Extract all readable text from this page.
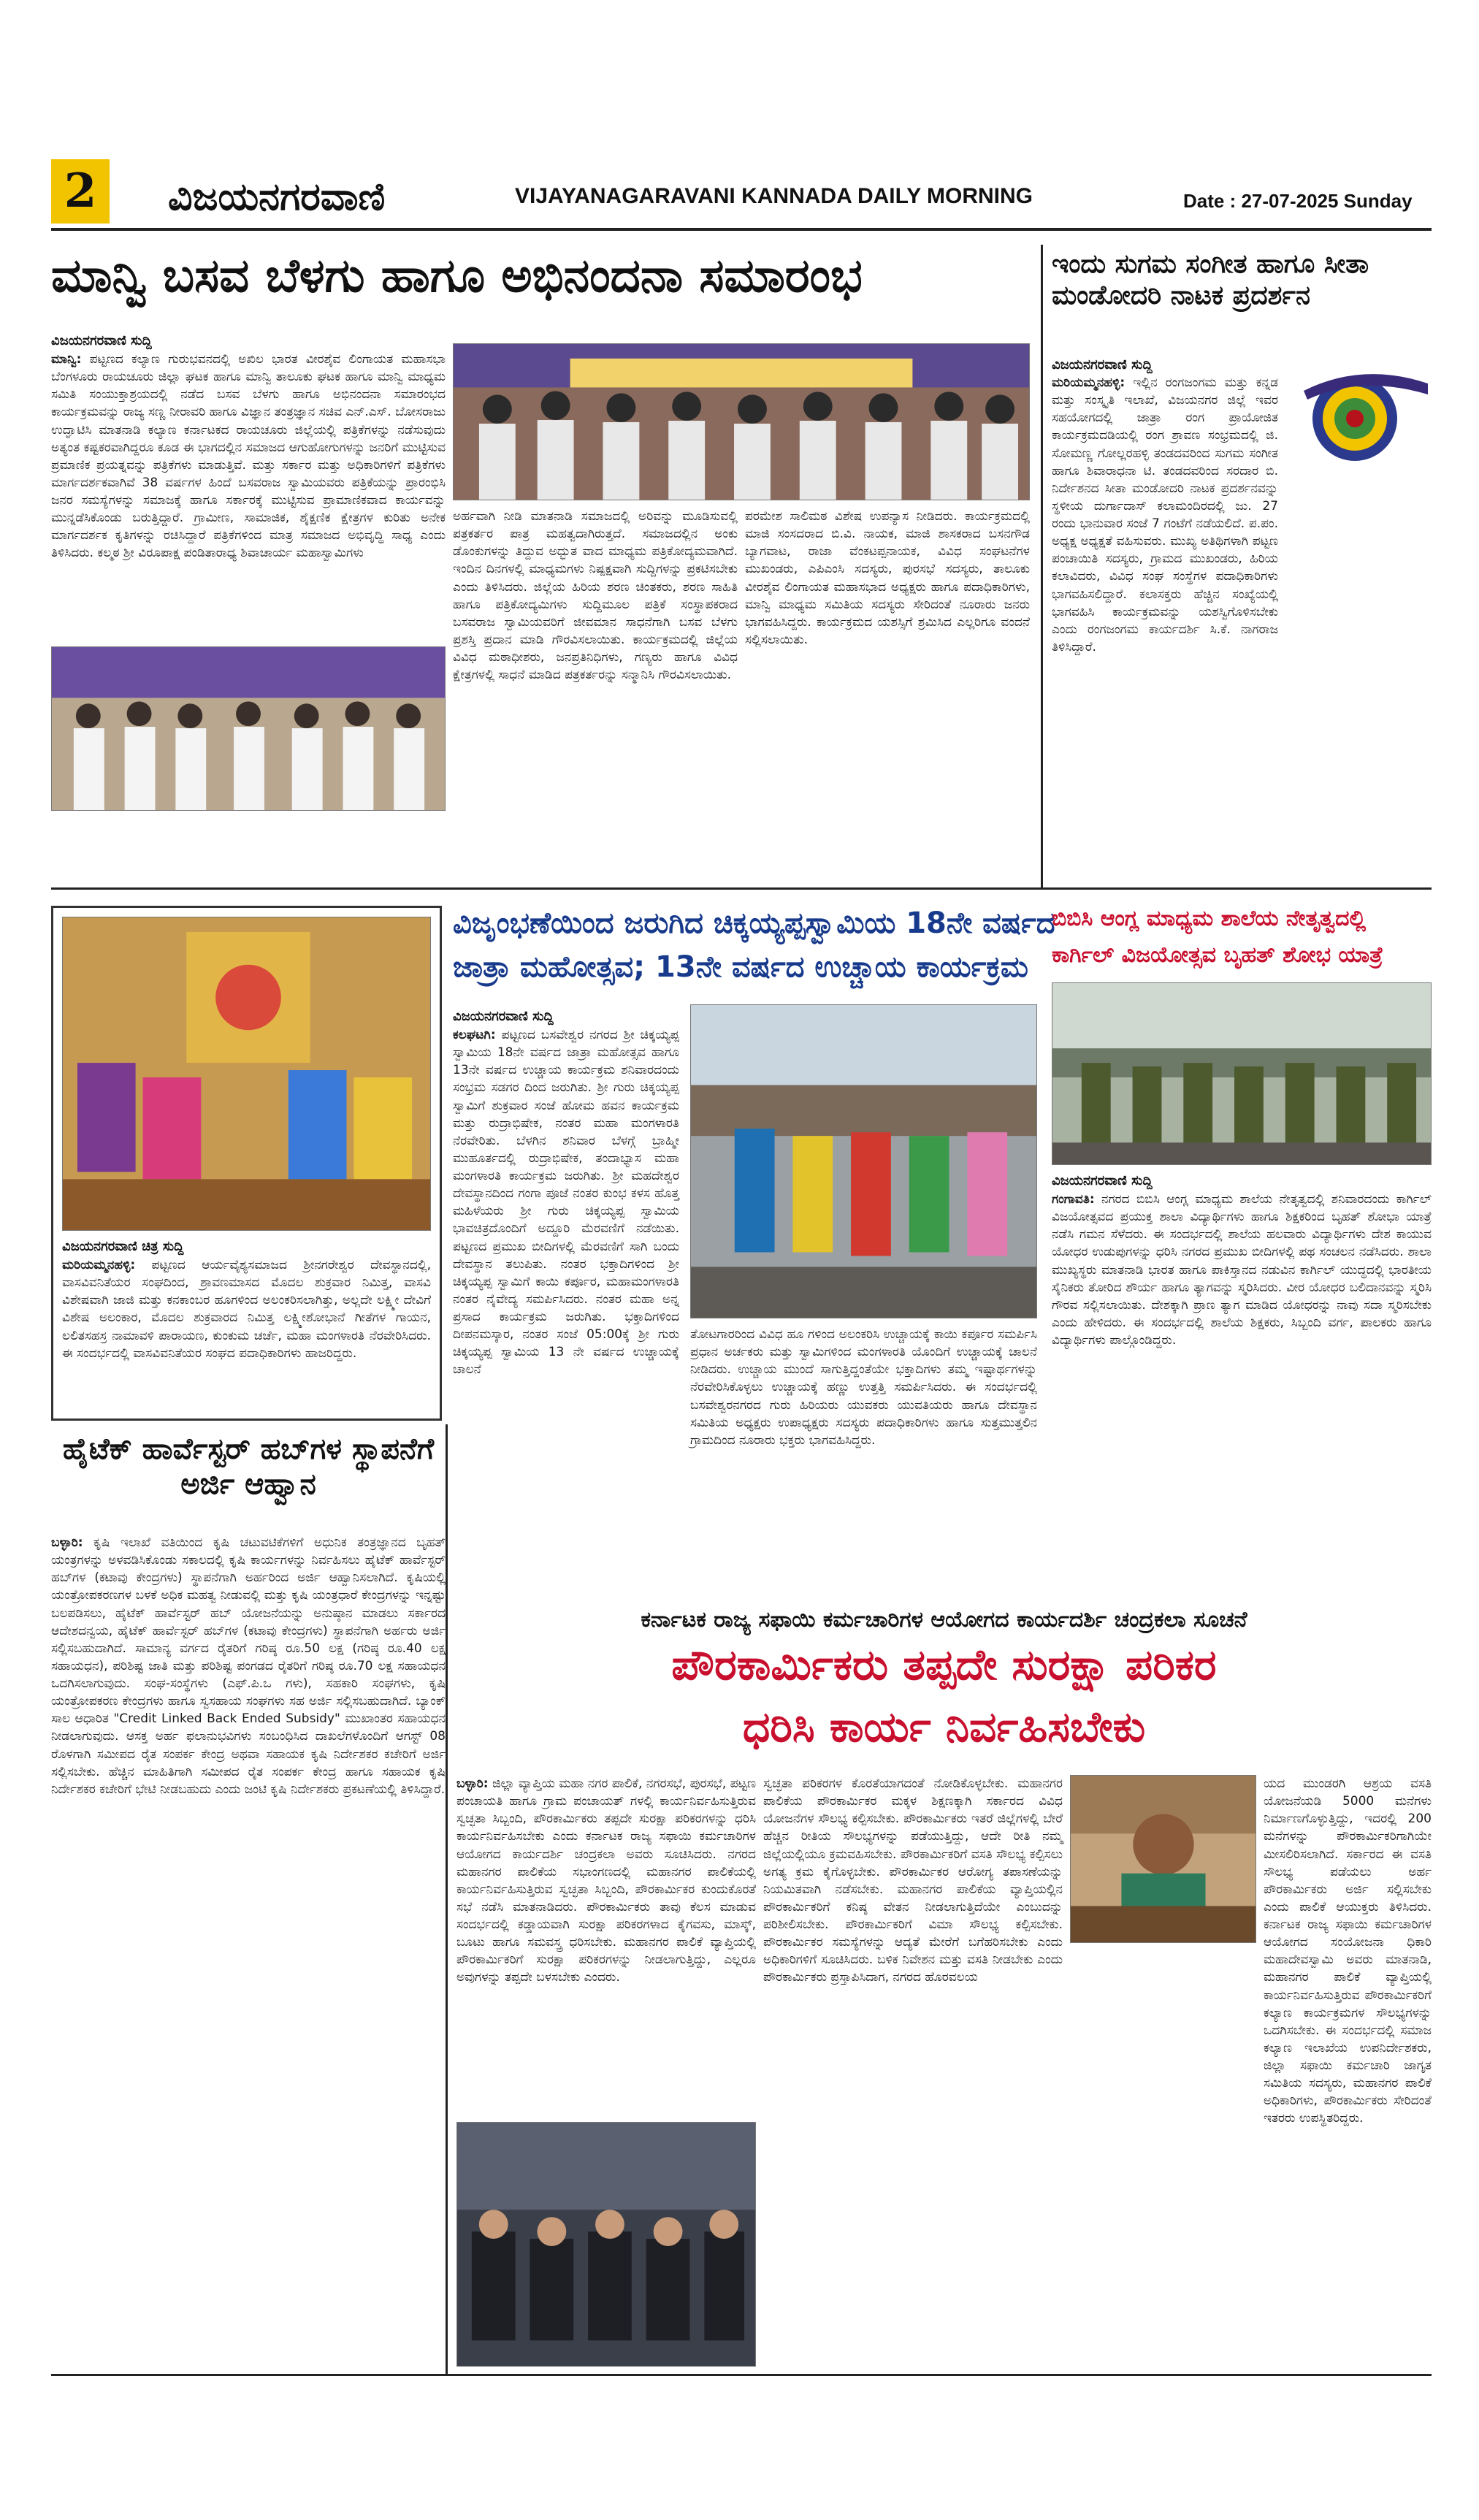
2	ವಿಜಯನಗರವಾಣಿ	VIJAYANAGARAVANI KANNADA DAILY MORNING	Date : 27-07-2025 Sunday
ಮಾನ್ವಿ ಬಸವ ಬೆಳಗು ಹಾಗೂ ಅಭಿನಂದನಾ ಸಮಾರಂಭ
ವಿಜಯನಗರವಾಣಿ ಸುದ್ದಿ
ಮಾನ್ವಿ: ಪಟ್ಟಣದ ಕಲ್ಯಾಣ ಗುರುಭವನದಲ್ಲಿ ಅಖಿಲ ಭಾರತ ವೀರಶೈವ ಲಿಂಗಾಯತ ಮಹಾಸಭಾ ಬೆಂಗಳೂರು ರಾಯಚೂರು ಜಿಲ್ಲಾ ಘಟಕ ಹಾಗೂ ಮಾನ್ವಿ ತಾಲೂಕು ಘಟಕ ಹಾಗೂ ಮಾನ್ವಿ ಮಾಧ್ಯಮ ಸಮಿತಿ ಸಂಯುಕ್ತಾಶ್ರಯದಲ್ಲಿ ನಡೆದ ಬಸವ ಬೆಳಗು ಹಾಗೂ ಅಭಿನಂದನಾ ಸಮಾರಂಭದ ಕಾರ್ಯಕ್ರಮವನ್ನು ರಾಜ್ಯ ಸಣ್ಣ ನೀರಾವರಿ ಹಾಗೂ ವಿಜ್ಞಾನ ತಂತ್ರಜ್ಞಾನ ಸಚಿವ ಎನ್.ಎಸ್. ಬೋಸರಾಜು ಉದ್ಘಾಟಿಸಿ ಮಾತನಾಡಿ ಕಲ್ಯಾಣ ಕರ್ನಾಟಕದ ರಾಯಚೂರು ಜಿಲ್ಲೆಯಲ್ಲಿ ಪತ್ರಿಕೆಗಳನ್ನು ನಡೆಸುವುದು ಅತ್ಯಂತ ಕಷ್ಟಕರವಾಗಿದ್ದರೂ ಕೂಡ ಈ ಭಾಗದಲ್ಲಿನ ಸಮಾಜದ ಆಗುಹೋಗುಗಳನ್ನು ಜನರಿಗೆ ಮುಟ್ಟಿಸುವ ಪ್ರಮಾಣಿಕ ಪ್ರಯತ್ನವನ್ನು ಪತ್ರಿಕೆಗಳು ಮಾಡುತ್ತಿವೆ. ಮತ್ತು ಸರ್ಕಾರ ಮತ್ತು ಅಧಿಕಾರಿಗಳಿಗೆ ಪತ್ರಿಕೆಗಳು ಮಾರ್ಗದರ್ಶಕವಾಗಿವೆ 38 ವರ್ಷಗಳ ಹಿಂದೆ ಬಸವರಾಜ ಸ್ವಾಮಿಯವರು ಪತ್ರಿಕೆಯನ್ನು ಪ್ರಾರಂಭಿಸಿ ಜನರ ಸಮಸ್ಯೆಗಳನ್ನು ಸಮಾಜಕ್ಕೆ ಹಾಗೂ ಸರ್ಕಾರಕ್ಕೆ ಮುಟ್ಟಿಸುವ ಪ್ರಾಮಾಣಿಕವಾದ ಕಾರ್ಯವನ್ನು ಮುನ್ನಡೆಸಿಕೊಂಡು ಬರುತ್ತಿದ್ದಾರೆ. ಗ್ರಾಮೀಣ, ಸಾಮಾಜಿಕ, ಶೈಕ್ಷಣಿಕ ಕ್ಷೇತ್ರಗಳ ಕುರಿತು ಅನೇಕ ಮಾರ್ಗದರ್ಶಕ ಕೃತಿಗಳನ್ನು ರಚಿಸಿದ್ದಾರೆ ಪತ್ರಿಕೆಗಳಿಂದ ಮಾತ್ರ ಸಮಾಜದ ಅಭಿವೃದ್ಧಿ ಸಾಧ್ಯ ಎಂದು ತಿಳಿಸಿದರು. ಕಲ್ಮಠ ಶ್ರೀ ವಿರೂಪಾಕ್ಷ ಪಂಡಿತಾರಾಧ್ಯ ಶಿವಾಚಾರ್ಯ ಮಹಾಸ್ವಾಮಿಗಳು
ಅರ್ಹವಾಗಿ ನೀಡಿ ಮಾತನಾಡಿ ಸಮಾಜದಲ್ಲಿ ಅರಿವನ್ನು ಮೂಡಿಸುವಲ್ಲಿ ಪತ್ರಕರ್ತರ ಪಾತ್ರ ಮಹತ್ವದಾಗಿರುತ್ತದೆ. ಸಮಾಜದಲ್ಲಿನ ಅಂಕು ಡೊಂಕುಗಳನ್ನು ತಿದ್ದುವ ಅದ್ಭುತ ವಾದ ಮಾಧ್ಯಮ ಪತ್ರಿಕೋದ್ಯಮವಾಗಿದೆ. ಇಂದಿನ ದಿನಗಳಲ್ಲಿ ಮಾಧ್ಯಮಗಳು ನಿಷ್ಪಕ್ಷವಾಗಿ ಸುದ್ದಿಗಳನ್ನು ಪ್ರಕಟಿಸಬೇಕು ಎಂದು ತಿಳಿಸಿದರು. ಜಿಲ್ಲೆಯ ಹಿರಿಯ ಶರಣ ಚಿಂತಕರು, ಶರಣ ಸಾಹಿತಿ ಹಾಗೂ ಪತ್ರಿಕೋದ್ಯಮಿಗಳು ಸುದ್ದಿಮೂಲ ಪತ್ರಿಕೆ ಸಂಸ್ಥಾಪಕರಾದ ಬಸವರಾಜ ಸ್ವಾಮಿಯವರಿಗೆ ಜೀವಮಾನ ಸಾಧನೆಗಾಗಿ ಬಸವ ಬೆಳಗು ಪ್ರಶಸ್ತಿ ಪ್ರದಾನ ಮಾಡಿ ಗೌರವಿಸಲಾಯಿತು. ಕಾರ್ಯಕ್ರಮದಲ್ಲಿ ಜಿಲ್ಲೆಯ ವಿವಿಧ ಮಠಾಧೀಶರು, ಜನಪ್ರತಿನಿಧಿಗಳು, ಗಣ್ಯರು ಹಾಗೂ ವಿವಿಧ ಕ್ಷೇತ್ರಗಳಲ್ಲಿ ಸಾಧನೆ ಮಾಡಿದ ಪತ್ರಕರ್ತರನ್ನು ಸನ್ಮಾನಿಸಿ ಗೌರವಿಸಲಾಯಿತು.
ಪರಮೇಶ ಸಾಲಿಮಠ ವಿಶೇಷ ಉಪನ್ಯಾಸ ನೀಡಿದರು. ಕಾರ್ಯಕ್ರಮದಲ್ಲಿ ಮಾಜಿ ಸಂಸದರಾದ ಬಿ.ವಿ. ನಾಯಕ, ಮಾಜಿ ಶಾಸಕರಾದ ಬಸನಗೌಡ ಬ್ಯಾಗವಾಟ, ರಾಜಾ ವೆಂಕಟಪ್ಪನಾಯಕ, ವಿವಿಧ ಸಂಘಟನೆಗಳ ಮುಖಂಡರು, ಎಪಿಎಂಸಿ ಸದಸ್ಯರು, ಪುರಸಭೆ ಸದಸ್ಯರು, ತಾಲೂಕು ವೀರಶೈವ ಲಿಂಗಾಯತ ಮಹಾಸಭಾದ ಅಧ್ಯಕ್ಷರು ಹಾಗೂ ಪದಾಧಿಕಾರಿಗಳು, ಮಾನ್ವಿ ಮಾಧ್ಯಮ ಸಮಿತಿಯ ಸದಸ್ಯರು ಸೇರಿದಂತೆ ನೂರಾರು ಜನರು ಭಾಗವಹಿಸಿದ್ದರು. ಕಾರ್ಯಕ್ರಮದ ಯಶಸ್ಸಿಗೆ ಶ್ರಮಿಸಿದ ಎಲ್ಲರಿಗೂ ವಂದನೆ ಸಲ್ಲಿಸಲಾಯಿತು.
ಇಂದು ಸುಗಮ ಸಂಗೀತ ಹಾಗೂ ಸೀತಾ ಮಂಡೋದರಿ ನಾಟಕ ಪ್ರದರ್ಶನ
ವಿಜಯನಗರವಾಣಿ ಸುದ್ದಿ
ಮರಿಯಮ್ಮನಹಳ್ಳಿ: ಇಲ್ಲಿನ ರಂಗಜಂಗಮ ಮತ್ತು ಕನ್ನಡ ಮತ್ತು ಸಂಸ್ಕೃತಿ ಇಲಾಖೆ, ವಿಜಯನಗರ ಜಿಲ್ಲೆ ಇವರ ಸಹಯೋಗದಲ್ಲಿ ಜಾತ್ರಾ ರಂಗ ಪ್ರಾಯೋಜಿತ ಕಾರ್ಯಕ್ರಮದಡಿಯಲ್ಲಿ ರಂಗ ಶ್ರಾವಣ ಸಂಭ್ರಮದಲ್ಲಿ ಜಿ. ಸೋಮಣ್ಣ ಗೋಲ್ಲರಹಳ್ಳಿ ತಂಡದವರಿಂದ ಸುಗಮ ಸಂಗೀತ ಹಾಗೂ ಶಿವಾರಾಧನಾ ಟಿ. ತಂಡದವರಿಂದ ಸರದಾರ ಬಿ. ನಿರ್ದೇಶನದ ಸೀತಾ ಮಂಡೋದರಿ ನಾಟಕ ಪ್ರದರ್ಶನವನ್ನು ಸ್ಥಳೀಯ ದುರ್ಗಾದಾಸ್ ಕಲಾಮಂದಿರದಲ್ಲಿ ಜು. 27 ರಂದು ಭಾನುವಾರ ಸಂಜೆ 7 ಗಂಟೆಗೆ ನಡೆಯಲಿದೆ. ಪ.ಪಂ. ಅಧ್ಯಕ್ಷ ಅಧ್ಯಕ್ಷತೆ ವಹಿಸುವರು. ಮುಖ್ಯ ಅತಿಥಿಗಳಾಗಿ ಪಟ್ಟಣ ಪಂಚಾಯಿತಿ ಸದಸ್ಯರು, ಗ್ರಾಮದ ಮುಖಂಡರು, ಹಿರಿಯ ಕಲಾವಿದರು, ವಿವಿಧ ಸಂಘ ಸಂಸ್ಥೆಗಳ ಪದಾಧಿಕಾರಿಗಳು ಭಾಗವಹಿಸಲಿದ್ದಾರೆ. ಕಲಾಸಕ್ತರು ಹೆಚ್ಚಿನ ಸಂಖ್ಯೆಯಲ್ಲಿ ಭಾಗವಹಿಸಿ ಕಾರ್ಯಕ್ರಮವನ್ನು ಯಶಸ್ವಿಗೊಳಿಸಬೇಕು ಎಂದು ರಂಗಜಂಗಮ ಕಾರ್ಯದರ್ಶಿ ಸಿ.ಕೆ. ನಾಗರಾಜ ತಿಳಿಸಿದ್ದಾರೆ.
ವಿಜಯನಗರವಾಣಿ ಚಿತ್ರ ಸುದ್ದಿ
ಮರಿಯಮ್ಮನಹಳ್ಳಿ: ಪಟ್ಟಣದ ಆರ್ಯವೈಶ್ಯಸಮಾಜದ ಶ್ರೀನಗರೇಶ್ವರ ದೇವಸ್ಥಾನದಲ್ಲಿ, ವಾಸವಿವನಿತೆಯರ ಸಂಘದಿಂದ, ಶ್ರಾವಣಮಾಸದ ಮೊದಲ ಶುಕ್ರವಾರ ನಿಮಿತ್ತ, ವಾಸವಿ ವಿಶೇಷವಾಗಿ ಜಾಜಿ ಮತ್ತು ಕನಕಾಂಬರ ಹೂಗಳಿಂದ ಅಲಂಕರಿಸಲಾಗಿತ್ತು, ಅಲ್ಲದೇ ಲಕ್ಷ್ಮೀ ದೇವಿಗೆ ವಿಶೇಷ ಅಲಂಕಾರ, ಮೊದಲ ಶುಕ್ರವಾರದ ನಿಮಿತ್ತ ಲಕ್ಷ್ಮೀಶೋಭಾನೆ ಗೀತೆಗಳ ಗಾಯನ, ಲಲಿತಸಹಸ್ರ ನಾಮಾವಳಿ ಪಾರಾಯಣ, ಕುಂಕುಮ ಚರ್ಚೆ, ಮಹಾ ಮಂಗಳಾರತಿ ನೆರವೇರಿಸಿದರು. ಈ ಸಂದರ್ಭದಲ್ಲಿ ವಾಸವಿವನಿತೆಯರ ಸಂಘದ ಪದಾಧಿಕಾರಿಗಳು ಹಾಜರಿದ್ದರು.
ವಿಜೃಂಭಣೆಯಿಂದ ಜರುಗಿದ ಚಿಕ್ಕಯ್ಯಪ್ಪಸ್ವಾಮಿಯ 18ನೇ ವರ್ಷದ
ಜಾತ್ರಾ ಮಹೋತ್ಸವ; 13ನೇ ವರ್ಷದ ಉಚ್ಚಾಯ ಕಾರ್ಯಕ್ರಮ
ವಿಜಯನಗರವಾಣಿ ಸುದ್ದಿ
ಕಲಘಟಗಿ: ಪಟ್ಟಣದ ಬಸವೇಶ್ವರ ನಗರದ ಶ್ರೀ ಚಿಕ್ಕಯ್ಯಪ್ಪ ಸ್ವಾಮಿಯ 18ನೇ ವರ್ಷದ ಜಾತ್ರಾ ಮಹೋತ್ಸವ ಹಾಗೂ 13ನೇ ವರ್ಷದ ಉಚ್ಚಾಯ ಕಾರ್ಯಕ್ರಮ ಶನಿವಾರದಂದು ಸಂಭ್ರಮ ಸಡಗರ ದಿಂದ ಜರುಗಿತು. ಶ್ರೀ ಗುರು ಚಿಕ್ಕಯ್ಯಪ್ಪ ಸ್ವಾಮಿಗೆ ಶುಕ್ರವಾರ ಸಂಜೆ ಹೋಮ ಹವನ ಕಾರ್ಯಕ್ರಮ ಮತ್ತು ರುದ್ರಾಭಿಷೇಕ, ನಂತರ ಮಹಾ ಮಂಗಳಾರತಿ ನೆರವೇರಿತು. ಬೆಳಗಿನ ಶನಿವಾರ ಬೆಳಗ್ಗೆ ಬ್ರಾಹ್ಮೀ ಮುಹೂರ್ತದಲ್ಲಿ ರುದ್ರಾಭಿಷೇಕ, ತಂದಾಭ್ಯಾಸ ಮಹಾ ಮಂಗಳಾರತಿ ಕಾರ್ಯಕ್ರಮ ಜರುಗಿತು. ಶ್ರೀ ಮಹದೇಶ್ವರ ದೇವಸ್ಥಾನದಿಂದ ಗಂಗಾ ಪೂಜೆ ನಂತರ ಕುಂಭ ಕಳಸ ಹೊತ್ತ ಮಹಿಳೆಯರು ಶ್ರೀ ಗುರು ಚಿಕ್ಕಯ್ಯಪ್ಪ ಸ್ವಾಮಿಯ ಭಾವಚಿತ್ರದೊಂದಿಗೆ ಅದ್ದೂರಿ ಮೆರವಣಿಗೆ ನಡೆಯಿತು. ಪಟ್ಟಣದ ಪ್ರಮುಖ ಬೀದಿಗಳಲ್ಲಿ ಮೆರವಣಿಗೆ ಸಾಗಿ ಬಂದು ದೇವಸ್ಥಾನ ತಲುಪಿತು. ನಂತರ ಭಕ್ತಾದಿಗಳಿಂದ ಶ್ರೀ ಚಿಕ್ಕಯ್ಯಪ್ಪ ಸ್ವಾಮಿಗೆ ಕಾಯಿ ಕರ್ಪೂರ, ಮಹಾಮಂಗಳಾರತಿ ನಂತರ ನೈವೇದ್ಯ ಸಮರ್ಪಿಸಿದರು. ನಂತರ ಮಹಾ ಅನ್ನ ಪ್ರಸಾದ ಕಾರ್ಯಕ್ರಮ ಜರುಗಿತು. ಭಕ್ತಾದಿಗಳಿಂದ ದೀಪನಮಸ್ಕಾರ, ನಂತರ ಸಂಜೆ 05:00ಕ್ಕೆ ಶ್ರೀ ಗುರು ಚಿಕ್ಕಯ್ಯಪ್ಪ ಸ್ವಾಮಿಯ 13 ನೇ ವರ್ಷದ ಉಚ್ಚಾಯಕ್ಕೆ ಚಾಲನೆ
ತೋಟಗಾರರಿಂದ ವಿವಿಧ ಹೂ ಗಳಿಂದ ಅಲಂಕರಿಸಿ ಉಚ್ಚಾಯಕ್ಕೆ ಕಾಯಿ ಕರ್ಪೂರ ಸಮರ್ಪಿಸಿ ಪ್ರಧಾನ ಅರ್ಚಕರು ಮತ್ತು ಸ್ವಾಮಿಗಳಿಂದ ಮಂಗಳಾರತಿ ಯೊಂದಿಗೆ ಉಚ್ಚಾಯಕ್ಕೆ ಚಾಲನೆ ನೀಡಿದರು. ಉಚ್ಚಾಯ ಮುಂದೆ ಸಾಗುತ್ತಿದ್ದಂತೆಯೇ ಭಕ್ತಾದಿಗಳು ತಮ್ಮ ಇಷ್ಟಾರ್ಥಗಳನ್ನು ನೆರವೇರಿಸಿಕೊಳ್ಳಲು ಉಚ್ಚಾಯಕ್ಕೆ ಹಣ್ಣು ಉತ್ತತ್ತಿ ಸಮರ್ಪಿಸಿದರು. ಈ ಸಂದರ್ಭದಲ್ಲಿ ಬಸವೇಶ್ವರನಗರದ ಗುರು ಹಿರಿಯರು ಯುವಕರು ಯುವತಿಯರು ಹಾಗೂ ದೇವಸ್ಥಾನ ಸಮಿತಿಯ ಅಧ್ಯಕ್ಷರು ಉಪಾಧ್ಯಕ್ಷರು ಸದಸ್ಯರು ಪದಾಧಿಕಾರಿಗಳು ಹಾಗೂ ಸುತ್ತಮುತ್ತಲಿನ ಗ್ರಾಮದಿಂದ ನೂರಾರು ಭಕ್ತರು ಭಾಗವಹಿಸಿದ್ದರು.
ಬಿಬಿಸಿ ಆಂಗ್ಲ ಮಾಧ್ಯಮ ಶಾಲೆಯ ನೇತೃತ್ವದಲ್ಲಿ
ಕಾರ್ಗಿಲ್ ವಿಜಯೋತ್ಸವ ಬೃಹತ್ ಶೋಭ ಯಾತ್ರೆ
ವಿಜಯನಗರವಾಣಿ ಸುದ್ದಿ
ಗಂಗಾವತಿ: ನಗರದ ಬಿಬಿಸಿ ಆಂಗ್ಲ ಮಾಧ್ಯಮ ಶಾಲೆಯ ನೇತೃತ್ವದಲ್ಲಿ ಶನಿವಾರದಂದು ಕಾರ್ಗಿಲ್ ವಿಜಯೋತ್ಸವದ ಪ್ರಯುಕ್ತ ಶಾಲಾ ವಿದ್ಯಾರ್ಥಿಗಳು ಹಾಗೂ ಶಿಕ್ಷಕರಿಂದ ಬೃಹತ್ ಶೋಭಾ ಯಾತ್ರೆ ನಡೆಸಿ ಗಮನ ಸೆಳೆದರು. ಈ ಸಂದರ್ಭದಲ್ಲಿ ಶಾಲೆಯ ಹಲವಾರು ವಿದ್ಯಾರ್ಥಿಗಳು ದೇಶ ಕಾಯುವ ಯೋಧರ ಉಡುಪುಗಳನ್ನು ಧರಿಸಿ ನಗರದ ಪ್ರಮುಖ ಬೀದಿಗಳಲ್ಲಿ ಪಥ ಸಂಚಲನ ನಡೆಸಿದರು. ಶಾಲಾ ಮುಖ್ಯಸ್ಥರು ಮಾತನಾಡಿ ಭಾರತ ಹಾಗೂ ಪಾಕಿಸ್ತಾನದ ನಡುವಿನ ಕಾರ್ಗಿಲ್ ಯುದ್ಧದಲ್ಲಿ ಭಾರತೀಯ ಸೈನಿಕರು ತೋರಿದ ಶೌರ್ಯ ಹಾಗೂ ತ್ಯಾಗವನ್ನು ಸ್ಮರಿಸಿದರು. ವೀರ ಯೋಧರ ಬಲಿದಾನವನ್ನು ಸ್ಮರಿಸಿ ಗೌರವ ಸಲ್ಲಿಸಲಾಯಿತು. ದೇಶಕ್ಕಾಗಿ ಪ್ರಾಣ ತ್ಯಾಗ ಮಾಡಿದ ಯೋಧರನ್ನು ನಾವು ಸದಾ ಸ್ಮರಿಸಬೇಕು ಎಂದು ಹೇಳಿದರು. ಈ ಸಂದರ್ಭದಲ್ಲಿ ಶಾಲೆಯ ಶಿಕ್ಷಕರು, ಸಿಬ್ಬಂದಿ ವರ್ಗ, ಪಾಲಕರು ಹಾಗೂ ವಿದ್ಯಾರ್ಥಿಗಳು ಪಾಲ್ಗೊಂಡಿದ್ದರು.
ಹೈಟೆಕ್ ಹಾರ್ವೆಸ್ಟರ್ ಹಬ್‌ಗಳ ಸ್ಥಾಪನೆಗೆ ಅರ್ಜಿ ಆಹ್ವಾನ
ಬಳ್ಳಾರಿ: ಕೃಷಿ ಇಲಾಖೆ ವತಿಯಿಂದ ಕೃಷಿ ಚಟುವಟಿಕೆಗಳಿಗೆ ಅಧುನಿಕ ತಂತ್ರಜ್ಞಾನದ ಬೃಹತ್ ಯಂತ್ರಗಳನ್ನು ಅಳವಡಿಸಿಕೊಂಡು ಸಕಾಲದಲ್ಲಿ ಕೃಷಿ ಕಾರ್ಯಗಳನ್ನು ನಿರ್ವಹಿಸಲು ಹೈಟೆಕ್ ಹಾರ್ವೆಸ್ಟರ್ ಹಬ್‌ಗಳ (ಕಟಾವು ಕೇಂದ್ರಗಳು) ಸ್ಥಾಪನೆಗಾಗಿ ಅರ್ಹರಿಂದ ಅರ್ಜಿ ಆಹ್ವಾನಿಸಲಾಗಿದೆ. ಕೃಷಿಯಲ್ಲಿ ಯಂತ್ರೋಪಕರಣಗಳ ಬಳಕೆ ಅಧಿಕ ಮಹತ್ವ ನೀಡುವಲ್ಲಿ ಮತ್ತು ಕೃಷಿ ಯಂತ್ರಧಾರೆ ಕೇಂದ್ರಗಳನ್ನು ಇನ್ನಷ್ಟು ಬಲಪಡಿಸಲು, ಹೈಟೆಕ್ ಹಾರ್ವೆಸ್ಟರ್ ಹಬ್ ಯೋಜನೆಯನ್ನು ಅನುಷ್ಠಾನ ಮಾಡಲು ಸರ್ಕಾರದ ಆದೇಶದನ್ವಯ, ಹೈಟೆಕ್ ಹಾರ್ವೆಸ್ಟರ್ ಹಬ್‌ಗಳ (ಕಟಾವು ಕೇಂದ್ರಗಳು) ಸ್ಥಾಪನೆಗಾಗಿ ಅರ್ಹರು ಅರ್ಜಿ ಸಲ್ಲಿಸಬಹುದಾಗಿದೆ. ಸಾಮಾನ್ಯ ವರ್ಗದ ರೈತರಿಗೆ ಗರಿಷ್ಠ ರೂ.50 ಲಕ್ಷ (ಗರಿಷ್ಠ ರೂ.40 ಲಕ್ಷ ಸಹಾಯಧನ), ಪರಿಶಿಷ್ಟ ಜಾತಿ ಮತ್ತು ಪರಿಶಿಷ್ಟ ಪಂಗಡದ ರೈತರಿಗೆ ಗರಿಷ್ಠ ರೂ.70 ಲಕ್ಷ ಸಹಾಯಧನ ಒದಗಿಸಲಾಗುವುದು. ಸಂಘ-ಸಂಸ್ಥೆಗಳು (ಎಫ್.ಪಿ.ಒ ಗಳು), ಸಹಕಾರಿ ಸಂಘಗಳು, ಕೃಷಿ ಯಂತ್ರೋಪಕರಣ ಕೇಂದ್ರಗಳು ಹಾಗೂ ಸ್ವಸಹಾಯ ಸಂಘಗಳು ಸಹ ಅರ್ಜಿ ಸಲ್ಲಿಸಬಹುದಾಗಿದೆ. ಬ್ಯಾಂಕ್ ಸಾಲ ಆಧಾರಿತ "Credit Linked Back Ended Subsidy" ಮುಖಾಂತರ ಸಹಾಯಧನ ನೀಡಲಾಗುವುದು. ಆಸಕ್ತ ಅರ್ಹ ಫಲಾನುಭವಿಗಳು ಸಂಬಂಧಿಸಿದ ದಾಖಲೆಗಳೊಂದಿಗೆ ಆಗಸ್ಟ್ 08 ರೊಳಗಾಗಿ ಸಮೀಪದ ರೈತ ಸಂಪರ್ಕ ಕೇಂದ್ರ ಅಥವಾ ಸಹಾಯಕ ಕೃಷಿ ನಿರ್ದೇಶಕರ ಕಚೇರಿಗೆ ಅರ್ಜಿ ಸಲ್ಲಿಸಬೇಕು. ಹೆಚ್ಚಿನ ಮಾಹಿತಿಗಾಗಿ ಸಮೀಪದ ರೈತ ಸಂಪರ್ಕ ಕೇಂದ್ರ ಹಾಗೂ ಸಹಾಯಕ ಕೃಷಿ ನಿರ್ದೇಶಕರ ಕಚೇರಿಗೆ ಭೇಟಿ ನೀಡಬಹುದು ಎಂದು ಜಂಟಿ ಕೃಷಿ ನಿರ್ದೇಶಕರು ಪ್ರಕಟಣೆಯಲ್ಲಿ ತಿಳಿಸಿದ್ದಾರೆ.
ಕರ್ನಾಟಕ ರಾಜ್ಯ ಸಫಾಯಿ ಕರ್ಮಚಾರಿಗಳ ಆಯೋಗದ ಕಾರ್ಯದರ್ಶಿ ಚಂದ್ರಕಲಾ ಸೂಚನೆ
ಪೌರಕಾರ್ಮಿಕರು ತಪ್ಪದೇ ಸುರಕ್ಷಾ ಪರಿಕರ
ಧರಿಸಿ ಕಾರ್ಯ ನಿರ್ವಹಿಸಬೇಕು
ಬಳ್ಳಾರಿ: ಜಿಲ್ಲಾ ವ್ಯಾಪ್ತಿಯ ಮಹಾ ನಗರ ಪಾಲಿಕೆ, ನಗರಸಭೆ, ಪುರಸಭೆ, ಪಟ್ಟಣ ಪಂಚಾಯತಿ ಹಾಗೂ ಗ್ರಾಮ ಪಂಚಾಯತ್ ಗಳಲ್ಲಿ ಕಾರ್ಯನಿರ್ವಹಿಸುತ್ತಿರುವ ಸ್ವಚ್ಛತಾ ಸಿಬ್ಬಂದಿ, ಪೌರಕಾರ್ಮಿಕರು ತಪ್ಪದೇ ಸುರಕ್ಷಾ ಪರಿಕರಗಳನ್ನು ಧರಿಸಿ ಕಾರ್ಯನಿರ್ವಹಿಸಬೇಕು ಎಂದು ಕರ್ನಾಟಕ ರಾಜ್ಯ ಸಫಾಯಿ ಕರ್ಮಚಾರಿಗಳ ಆಯೋಗದ ಕಾರ್ಯದರ್ಶಿ ಚಂದ್ರಕಲಾ ಅವರು ಸೂಚಿಸಿದರು. ನಗರದ ಮಹಾನಗರ ಪಾಲಿಕೆಯ ಸಭಾಂಗಣದಲ್ಲಿ ಮಹಾನಗರ ಪಾಲಿಕೆಯಲ್ಲಿ ಕಾರ್ಯನಿರ್ವಹಿಸುತ್ತಿರುವ ಸ್ವಚ್ಛತಾ ಸಿಬ್ಬಂದಿ, ಪೌರಕಾರ್ಮಿಕರ ಕುಂದುಕೊರತೆ ಸಭೆ ನಡೆಸಿ ಮಾತನಾಡಿದರು. ಪೌರಕಾರ್ಮಿಕರು ತಾವು ಕೆಲಸ ಮಾಡುವ ಸಂದರ್ಭದಲ್ಲಿ ಕಡ್ಡಾಯವಾಗಿ ಸುರಕ್ಷಾ ಪರಿಕರಗಳಾದ ಕೈಗವಸು, ಮಾಸ್ಕ್, ಬೂಟು ಹಾಗೂ ಸಮವಸ್ತ್ರ ಧರಿಸಬೇಕು. ಮಹಾನಗರ ಪಾಲಿಕೆ ವ್ಯಾಪ್ತಿಯಲ್ಲಿ ಪೌರಕಾರ್ಮಿಕರಿಗೆ ಸುರಕ್ಷಾ ಪರಿಕರಗಳನ್ನು ನೀಡಲಾಗುತ್ತಿದ್ದು, ಎಲ್ಲರೂ ಅವುಗಳನ್ನು ತಪ್ಪದೇ ಬಳಸಬೇಕು ಎಂದರು.
ಸ್ವಚ್ಛತಾ ಪರಿಕರಗಳ ಕೊರತೆಯಾಗದಂತೆ ನೋಡಿಕೊಳ್ಳಬೇಕು. ಮಹಾನಗರ ಪಾಲಿಕೆಯ ಪೌರಕಾರ್ಮಿಕರ ಮಕ್ಕಳ ಶಿಕ್ಷಣಕ್ಕಾಗಿ ಸರ್ಕಾರದ ವಿವಿಧ ಯೋಜನೆಗಳ ಸೌಲಭ್ಯ ಕಲ್ಪಿಸಬೇಕು. ಪೌರಕಾರ್ಮಿಕರು ಇತರೆ ಜಿಲ್ಲೆಗಳಲ್ಲಿ ಬೇರೆ ಹೆಚ್ಚಿನ ರೀತಿಯ ಸೌಲಭ್ಯಗಳನ್ನು ಪಡೆಯುತ್ತಿದ್ದು, ಆದೇ ರೀತಿ ನಮ್ಮ ಜಿಲ್ಲೆಯಲ್ಲಿಯೂ ಕ್ರಮವಹಿಸಬೇಕು. ಪೌರಕಾರ್ಮಿಕರಿಗೆ ವಸತಿ ಸೌಲಭ್ಯ ಕಲ್ಪಿಸಲು ಅಗತ್ಯ ಕ್ರಮ ಕೈಗೊಳ್ಳಬೇಕು. ಪೌರಕಾರ್ಮಿಕರ ಆರೋಗ್ಯ ತಪಾಸಣೆಯನ್ನು ನಿಯಮಿತವಾಗಿ ನಡೆಸಬೇಕು. ಮಹಾನಗರ ಪಾಲಿಕೆಯ ವ್ಯಾಪ್ತಿಯಲ್ಲಿನ ಪೌರಕಾರ್ಮಿಕರಿಗೆ ಕನಿಷ್ಠ ವೇತನ ನೀಡಲಾಗುತ್ತಿದೆಯೇ ಎಂಬುದನ್ನು ಪರಿಶೀಲಿಸಬೇಕು. ಪೌರಕಾರ್ಮಿಕರಿಗೆ ವಿಮಾ ಸೌಲಭ್ಯ ಕಲ್ಪಿಸಬೇಕು. ಪೌರಕಾರ್ಮಿಕರ ಸಮಸ್ಯೆಗಳನ್ನು ಆದ್ಯತೆ ಮೇರೆಗೆ ಬಗೆಹರಿಸಬೇಕು ಎಂದು ಅಧಿಕಾರಿಗಳಿಗೆ ಸೂಚಿಸಿದರು. ಬಳಿಕ ನಿವೇಶನ ಮತ್ತು ವಸತಿ ನೀಡಬೇಕು ಎಂದು ಪೌರಕಾರ್ಮಿಕರು ಪ್ರಸ್ತಾಪಿಸಿದಾಗ, ನಗರದ ಹೊರವಲಯ
ಯದ ಮುಂಡರಗಿ ಆಶ್ರಯ ವಸತಿ ಯೋಜನೆಯಡಿ 5000 ಮನೆಗಳು ನಿರ್ಮಾಣಗೊಳ್ಳುತ್ತಿದ್ದು, ಇದರಲ್ಲಿ 200 ಮನೆಗಳನ್ನು ಪೌರಕಾರ್ಮಿಕರಿಗಾಗಿಯೇ ಮೀಸಲಿರಿಸಲಾಗಿದೆ. ಸರ್ಕಾರದ ಈ ವಸತಿ ಸೌಲಭ್ಯ ಪಡೆಯಲು ಅರ್ಹ ಪೌರಕಾರ್ಮಿಕರು ಅರ್ಜಿ ಸಲ್ಲಿಸಬೇಕು ಎಂದು ಪಾಲಿಕೆ ಆಯುಕ್ತರು ತಿಳಿಸಿದರು. ಕರ್ನಾಟಕ ರಾಜ್ಯ ಸಫಾಯಿ ಕರ್ಮಚಾರಿಗಳ ಆಯೋಗದ ಸಂಯೋಜನಾ ಧಿಕಾರಿ ಮಹಾದೇವಸ್ವಾಮಿ ಅವರು ಮಾತನಾಡಿ, ಮಹಾನಗರ ಪಾಲಿಕೆ ವ್ಯಾಪ್ತಿಯಲ್ಲಿ ಕಾರ್ಯನಿರ್ವಹಿಸುತ್ತಿರುವ ಪೌರಕಾರ್ಮಿಕರಿಗೆ ಕಲ್ಯಾಣ ಕಾರ್ಯಕ್ರಮಗಳ ಸೌಲಭ್ಯಗಳನ್ನು ಒದಗಿಸಬೇಕು. ಈ ಸಂದರ್ಭದಲ್ಲಿ ಸಮಾಜ ಕಲ್ಯಾಣ ಇಲಾಖೆಯ ಉಪನಿರ್ದೇಶಕರು, ಜಿಲ್ಲಾ ಸಫಾಯಿ ಕರ್ಮಚಾರಿ ಜಾಗೃತ ಸಮಿತಿಯ ಸದಸ್ಯರು, ಮಹಾನಗರ ಪಾಲಿಕೆ ಅಧಿಕಾರಿಗಳು, ಪೌರಕಾರ್ಮಿಕರು ಸೇರಿದಂತೆ ಇತರರು ಉಪಸ್ಥಿತರಿದ್ದರು.
